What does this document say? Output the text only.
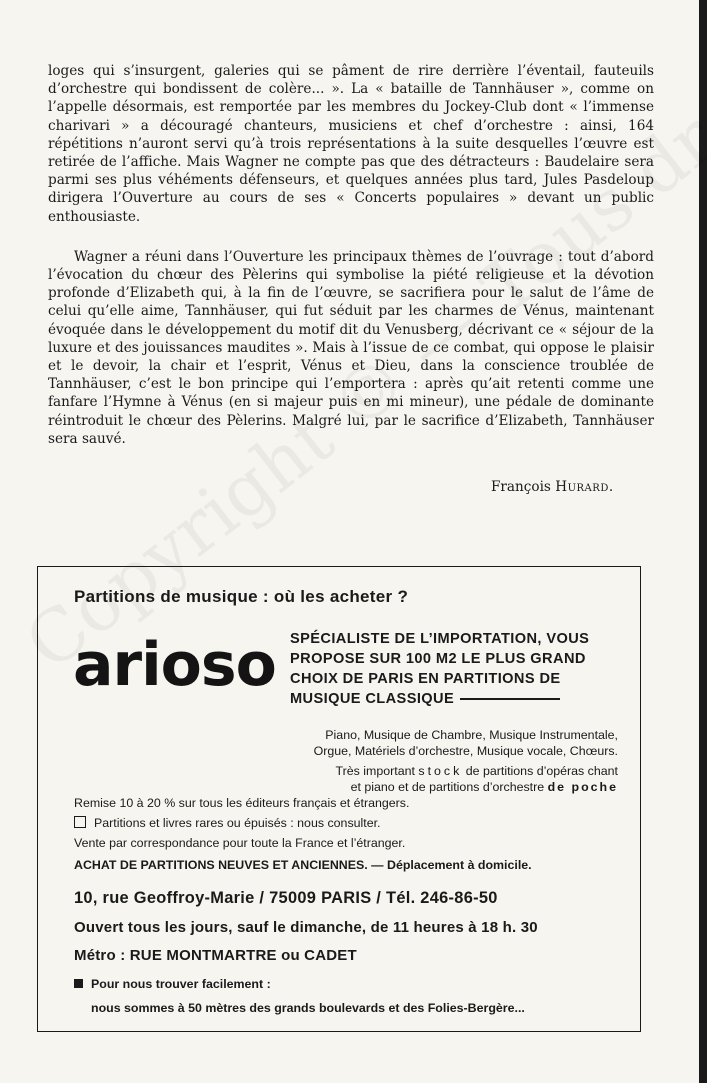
loges qui s’insurgent, galeries qui se pâment de rire derrière l’éventail, fauteuils d’orchestre qui bondissent de colère... ». La « bataille de Tannhäuser », comme on l’appelle désormais, est remportée par les membres du Jockey-Club dont « l’immense charivari » a découragé chanteurs, musiciens et chef d’orchestre : ainsi, 164 répétitions n’auront servi qu’à trois représentations à la suite desquelles l’œuvre est retirée de l’affiche. Mais Wagner ne compte pas que des détracteurs : Baudelaire sera parmi ses plus véhéments défenseurs, et quelques années plus tard, Jules Pasdeloup dirigera l’Ouverture au cours de ses « Concerts populaires » devant un public enthousiaste.

Wagner a réuni dans l’Ouverture les principaux thèmes de l’ouvrage : tout d’abord l’évocation du chœur des Pèlerins qui symbolise la piété religieuse et la dévotion profonde d’Elizabeth qui, à la fin de l’œuvre, se sacrifiera pour le salut de l’âme de celui qu’elle aime, Tannhäuser, qui fut séduit par les charmes de Vénus, maintenant évoquée dans le développement du motif dit du Venusberg, décrivant ce « séjour de la luxure et des jouissances maudites ». Mais à l’issue de ce combat, qui oppose le plaisir et le devoir, la chair et l’esprit, Vénus et Dieu, dans la conscience troublée de Tannhäuser, c’est le bon principe qui l’emportera : après qu’ait retenti comme une fanfare l’Hymne à Vénus (en si majeur puis en mi mineur), une pédale de dominante réintroduit le chœur des Pèlerins. Malgré lui, par le sacrifice d’Elizabeth, Tannhäuser sera sauvé.

François Hurard.
Partitions de musique : où les acheter ?
arioso SPÉCIALISTE DE L’IMPORTATION, VOUS PROPOSE SUR 100 M2 LE PLUS GRAND CHOIX DE PARIS EN PARTITIONS DE MUSIQUE CLASSIQUE
Piano, Musique de Chambre, Musique Instrumentale,
Orgue, Matériels d’orchestre, Musique vocale, Chœurs.
Très important stock de partitions d’opéras chant
et piano et de partitions d’orchestre de poche
Remise 10 à 20 % sur tous les éditeurs français et étrangers.
Partitions et livres rares ou épuisés : nous consulter.
Vente par correspondance pour toute la France et l’étranger.
ACHAT DE PARTITIONS NEUVES ET ANCIENNES. — Déplacement à domicile.
10, rue Geoffroy-Marie / 75009 PARIS / Tél. 246-86-50
Ouvert tous les jours, sauf le dimanche, de 11 heures à 18 h. 30
Métro : RUE MONTMARTRE ou CADET
Pour nous trouver facilement :
nous sommes à 50 mètres des grands boulevards et des Folies-Bergère...
